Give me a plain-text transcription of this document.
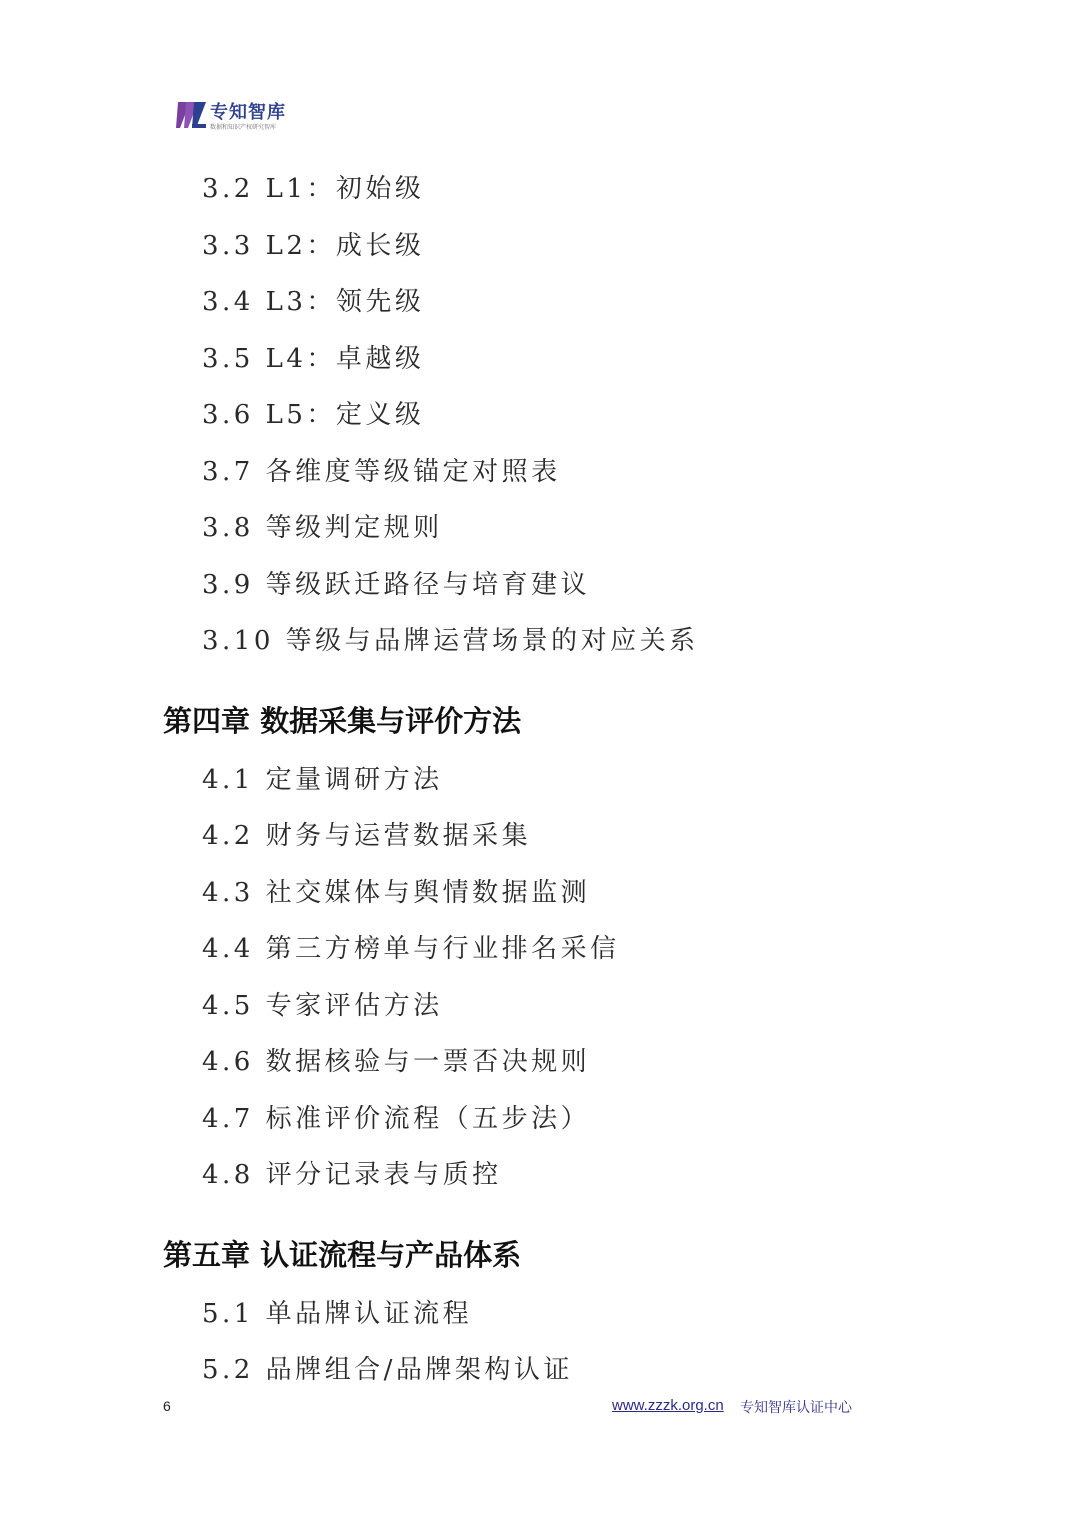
专知智库
数据和知识产权研究智库
3.2 L1：初始级
3.3 L2：成长级
3.4 L3：领先级
3.5 L4：卓越级
3.6 L5：定义级
3.7 各维度等级锚定对照表
3.8 等级判定规则
3.9 等级跃迁路径与培育建议
3.10 等级与品牌运营场景的对应关系
第四章 数据采集与评价方法
4.1 定量调研方法
4.2 财务与运营数据采集
4.3 社交媒体与舆情数据监测
4.4 第三方榜单与行业排名采信
4.5 专家评估方法
4.6 数据核验与一票否决规则
4.7 标准评价流程（五步法）
4.8 评分记录表与质控
第五章 认证流程与产品体系
5.1 单品牌认证流程
5.2 品牌组合/品牌架构认证
6	www.zzzk.org.cn 专知智库认证中心
